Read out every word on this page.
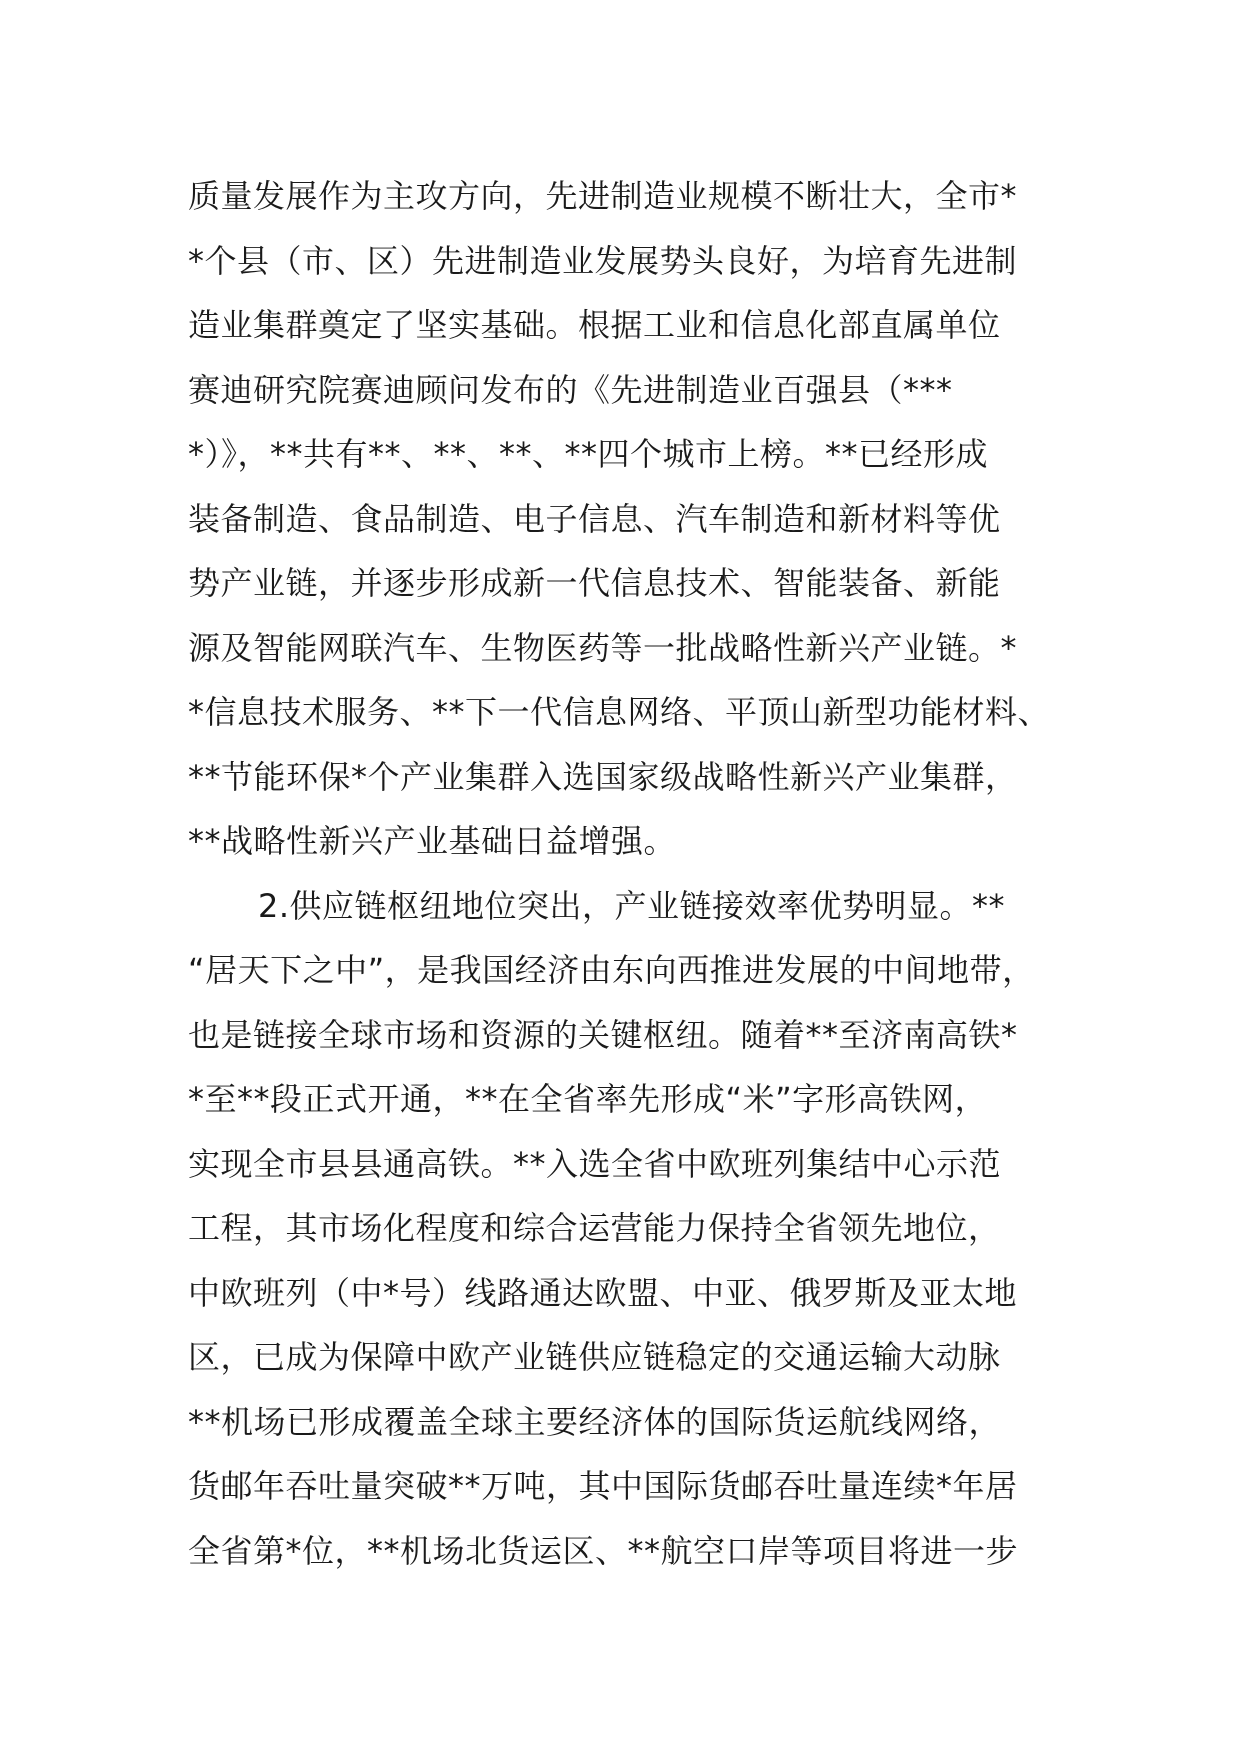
质量发展作为主攻方向，先进制造业规模不断壮大，全市*
*个县（市、区）先进制造业发展势头良好，为培育先进制
造业集群奠定了坚实基础。根据工业和信息化部直属单位
赛迪研究院赛迪顾问发布的《先进制造业百强县（***
*）》，**共有**、**、**、**四个城市上榜。**已经形成
装备制造、食品制造、电子信息、汽车制造和新材料等优
势产业链，并逐步形成新一代信息技术、智能装备、新能
源及智能网联汽车、生物医药等一批战略性新兴产业链。*
*信息技术服务、**下一代信息网络、平顶山新型功能材料、
**节能环保*个产业集群入选国家级战略性新兴产业集群，
**战略性新兴产业基础日益增强。
2.供应链枢纽地位突出，产业链接效率优势明显。**
“居天下之中”，是我国经济由东向西推进发展的中间地带，
也是链接全球市场和资源的关键枢纽。随着**至济南高铁*
*至**段正式开通，**在全省率先形成“米”字形高铁网，
实现全市县县通高铁。**入选全省中欧班列集结中心示范
工程，其市场化程度和综合运营能力保持全省领先地位，
中欧班列（中*号）线路通达欧盟、中亚、俄罗斯及亚太地
区，已成为保障中欧产业链供应链稳定的交通运输大动脉
**机场已形成覆盖全球主要经济体的国际货运航线网络，
货邮年吞吐量突破**万吨，其中国际货邮吞吐量连续*年居
全省第*位，**机场北货运区、**航空口岸等项目将进一步
